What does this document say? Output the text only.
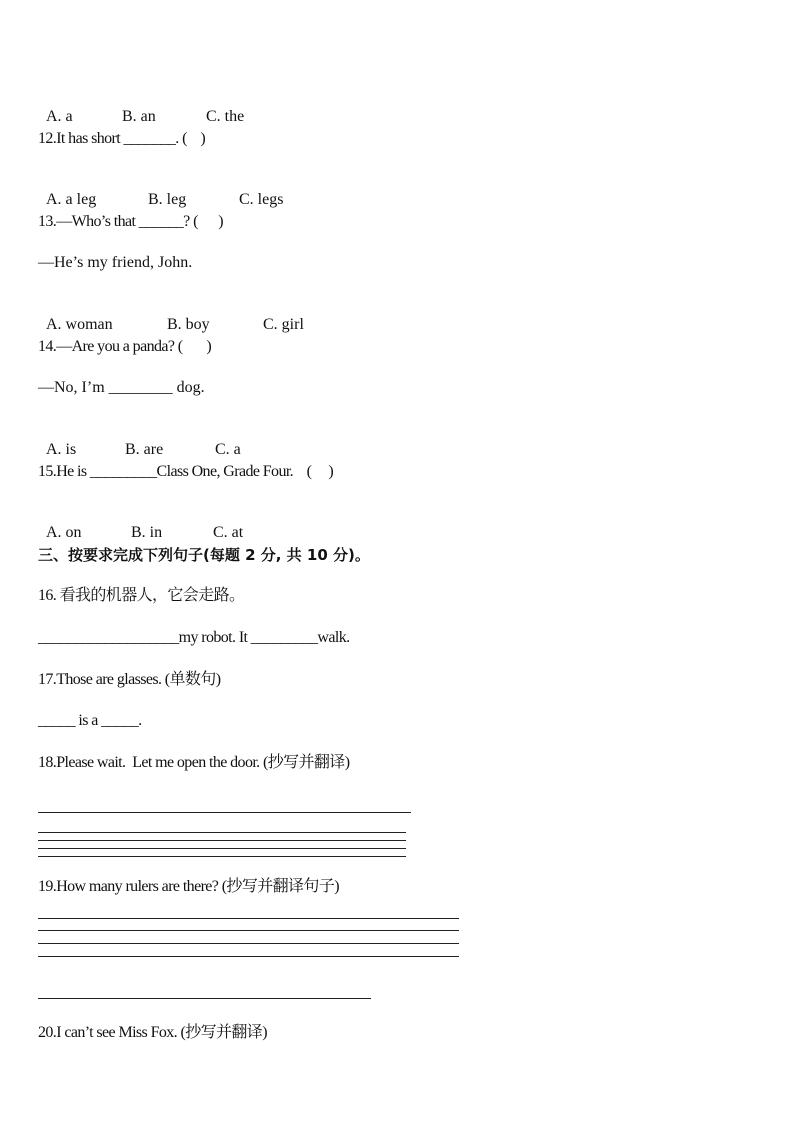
A. a	B. an	C. the

12.It has short _______. (    )

A. a leg	B. leg	C. legs

13.—Who’s that ______? (      )

—He’s my friend, John.

A. woman	B. boy	C. girl

14.—Are you a panda? (       )

—No, I’m ________ dog.

A. is	B. are	C. a

15.He is _________Class One, Grade Four.    (     )

A. on	B. in	C. at

三、按要求完成下列句子(每题 2 分, 共 10 分)。

16. 看我的机器人，它会走路。

___________________my robot. It _________walk.

17.Those are glasses. (单数句)

_____ is a _____.

18.Please wait.  Let me open the door. (抄写并翻译)

19.How many rulers are there? (抄写并翻译句子)

20.I can’t see Miss Fox. (抄写并翻译)
